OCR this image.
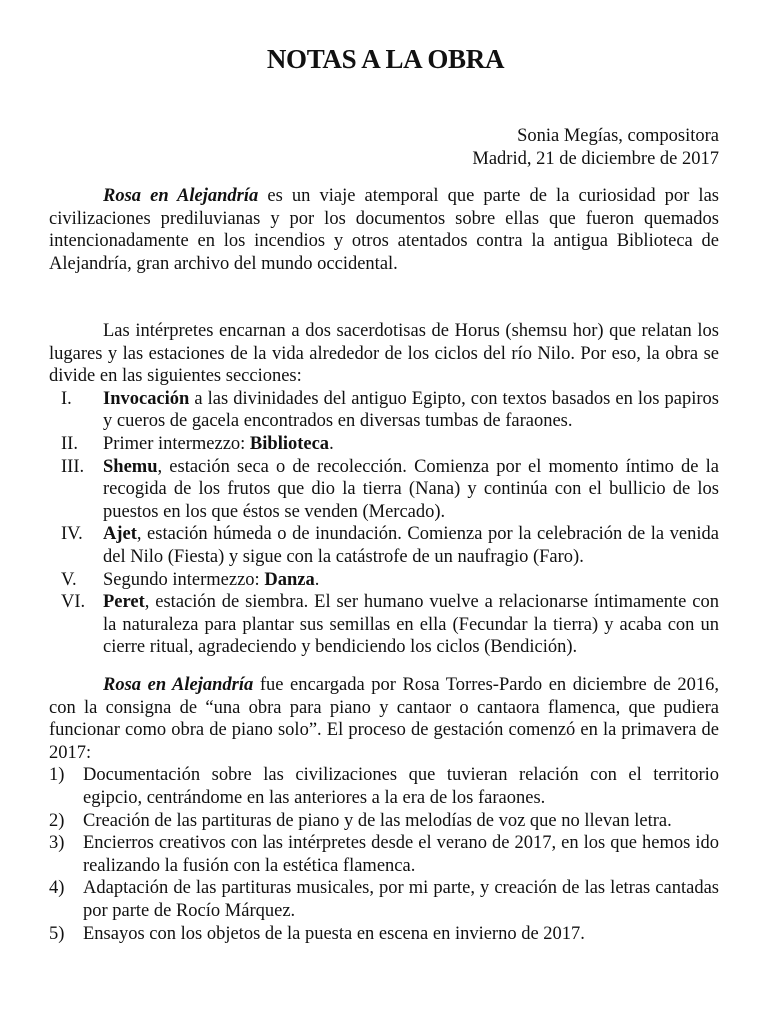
NOTAS A LA OBRA
Sonia Megías, compositora
Madrid, 21 de diciembre de 2017

Rosa en Alejandría es un viaje atemporal que parte de la curiosidad por las civilizaciones prediluvianas y por los documentos sobre ellas que fueron quemados intencionadamente en los incendios y otros atentados contra la antigua Biblioteca de Alejandría, gran archivo del mundo occidental.

Las intérpretes encarnan a dos sacerdotisas de Horus (shemsu hor) que relatan los lugares y las estaciones de la vida alrededor de los ciclos del río Nilo. Por eso, la obra se divide en las siguientes secciones:

I.	Invocación a las divinidades del antiguo Egipto, con textos basados en los papiros y cueros de gacela encontrados en diversas tumbas de faraones.
II.	Primer intermezzo: Biblioteca.
III.	Shemu, estación seca o de recolección. Comienza por el momento íntimo de la recogida de los frutos que dio la tierra (Nana) y continúa con el bullicio de los puestos en los que éstos se venden (Mercado).
IV.	Ajet, estación húmeda o de inundación. Comienza por la celebración de la venida del Nilo (Fiesta) y sigue con la catástrofe de un naufragio (Faro).
V.	Segundo intermezzo: Danza.
VI. Peret, estación de siembra. El ser humano vuelve a relacionarse íntimamente con la naturaleza para plantar sus semillas en ella (Fecundar la tierra) y acaba con un cierre ritual, agradeciendo y bendiciendo los ciclos (Bendición).

Rosa en Alejandría fue encargada por Rosa Torres-Pardo en diciembre de 2016, con la consigna de “una obra para piano y cantaor o cantaora flamenca, que pudiera funcionar como obra de piano solo”. El proceso de gestación comenzó en la primavera de 2017:

1)	Documentación sobre las civilizaciones que tuvieran relación con el territorio egipcio, centrándome en las anteriores a la era de los faraones.
2)	Creación de las partituras de piano y de las melodías de voz que no llevan letra.
3)	Encierros creativos con las intérpretes desde el verano de 2017, en los que hemos ido realizando la fusión con la estética flamenca.
4)	Adaptación de las partituras musicales, por mi parte, y creación de las letras cantadas por parte de Rocío Márquez.
5)	Ensayos con los objetos de la puesta en escena en invierno de 2017.
